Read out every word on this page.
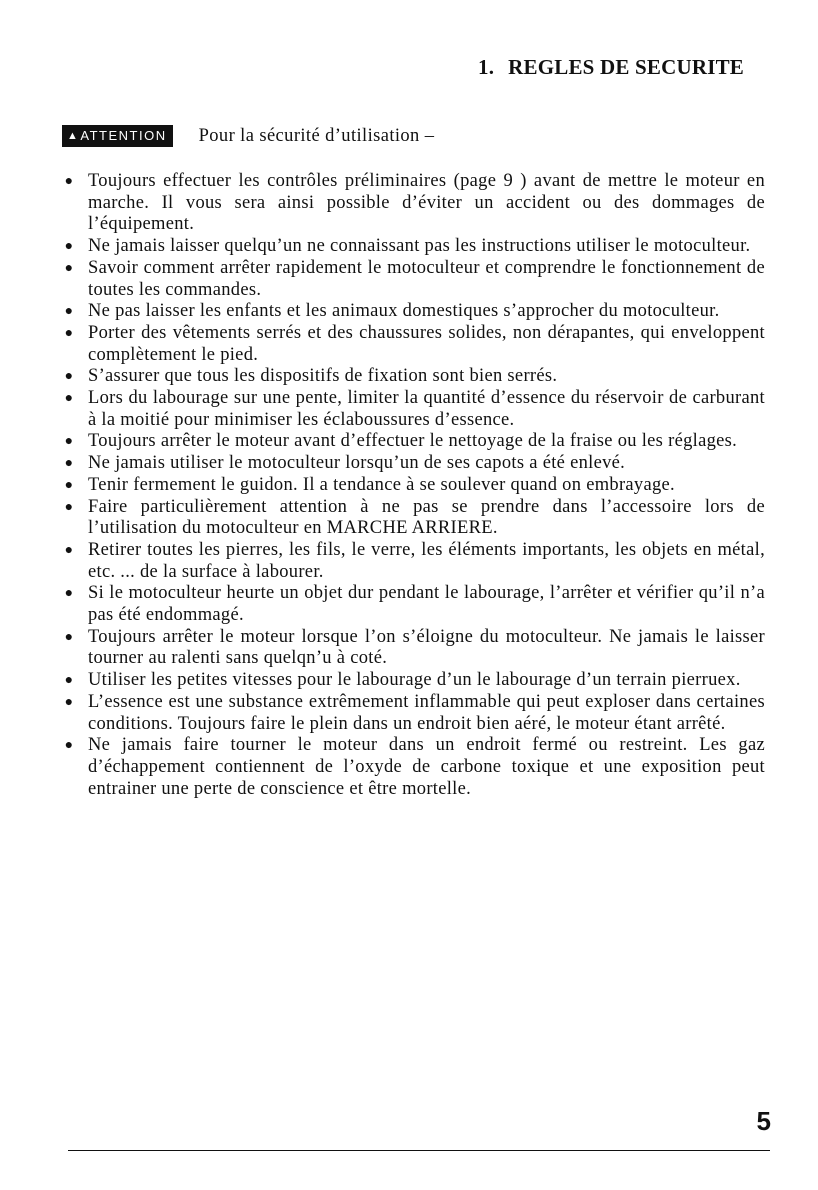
1. REGLES DE SECURITE
▲ ATTENTION Pour la sécurité d’utilisation –
● Toujours effectuer les contrôles préliminaires (page 9 ) avant de mettre le moteur en marche. Il vous sera ainsi possible d’éviter un accident ou des dommages de l’équipement.
● Ne jamais laisser quelqu’un ne connaissant pas les instructions utiliser le motoculteur.
● Savoir comment arrêter rapidement le motoculteur et comprendre le fonctionnement de toutes les commandes.
● Ne pas laisser les enfants et les animaux domestiques s’approcher du motoculteur.
● Porter des vêtements serrés et des chaussures solides, non dérapantes, qui enveloppent complètement le pied.
● S’assurer que tous les dispositifs de fixation sont bien serrés.
● Lors du labourage sur une pente, limiter la quantité d’essence du réservoir de carburant à la moitié pour minimiser les éclaboussures d’essence.
● Toujours arrêter le moteur avant d’effectuer le nettoyage de la fraise ou les réglages.
● Ne jamais utiliser le motoculteur lorsqu’un de ses capots a été enlevé.
● Tenir fermement le guidon. Il a tendance à se soulever quand on embrayage.
● Faire particulièrement attention à ne pas se prendre dans l’accessoire lors de l’utilisation du motoculteur en MARCHE ARRIERE.
● Retirer toutes les pierres, les fils, le verre, les éléments importants, les objets en métal, etc. ... de la surface à labourer.
● Si le motoculteur heurte un objet dur pendant le labourage, l’arrêter et vérifier qu’il n’a pas été endommagé.
● Toujours arrêter le moteur lorsque l’on s’éloigne du motoculteur. Ne jamais le laisser tourner au ralenti sans quelqn’u à coté.
● Utiliser les petites vitesses pour le labourage d’un le labourage d’un terrain pierruex.
● L’essence est une substance extrêmement inflammable qui peut exploser dans certaines conditions. Toujours faire le plein dans un endroit bien aéré, le moteur étant arrêté.
● Ne jamais faire tourner le moteur dans un endroit fermé ou restreint. Les gaz d’échappement contiennent de l’oxyde de carbone toxique et une exposition peut entrainer une perte de conscience et être mortelle.
5
